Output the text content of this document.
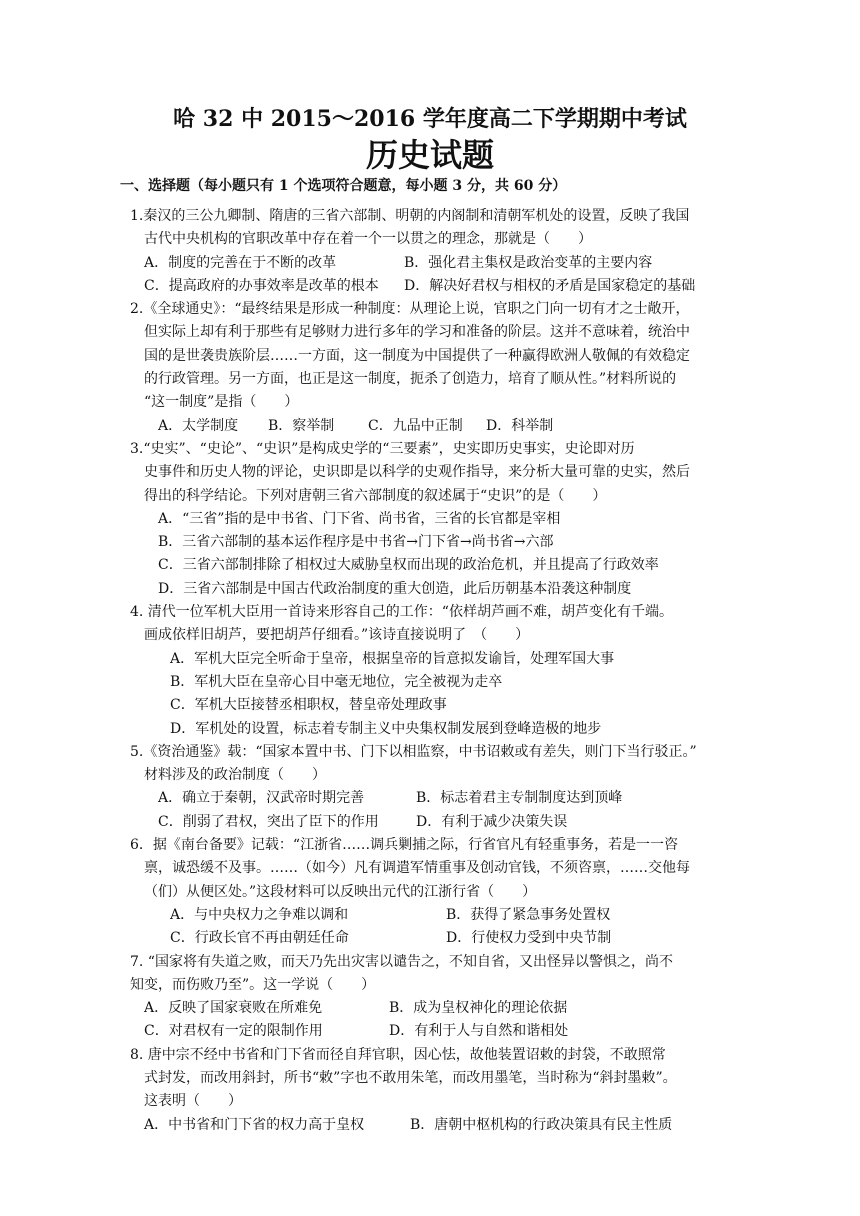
哈 32 中 2015～2016 学年度高二下学期期中考试
历史试题
一、选择题（每小题只有 1 个选项符合题意，每小题 3 分，共 60 分）
1.秦汉的三公九卿制、隋唐的三省六部制、明朝的内阁制和清朝军机处的设置，反映了我国
古代中央机构的官职改革中存在着一个一以贯之的理念，那就是（　　）
A．制度的完善在于不断的改革	B．强化君主集权是政治变革的主要内容
C．提高政府的办事效率是改革的根本	D．解决好君权与相权的矛盾是国家稳定的基础
2.《全球通史》：“最终结果是形成一种制度：从理论上说，官职之门向一切有才之士敞开，
但实际上却有利于那些有足够财力进行多年的学习和准备的阶层。这并不意味着，统治中
国的是世袭贵族阶层……一方面，这一制度为中国提供了一种赢得欧洲人敬佩的有效稳定
的行政管理。另一方面，也正是这一制度，扼杀了创造力，培育了顺从性。”材料所说的
“这一制度”是指（　　）
A．太学制度	B．察举制	C．九品中正制	D．科举制
3.“史实”、“史论”、“史识”是构成史学的“三要素”，史实即历史事实，史论即对历
史事件和历史人物的评论，史识即是以科学的史观作指导，来分析大量可靠的史实，然后
得出的科学结论。下列对唐朝三省六部制度的叙述属于“史识”的是（　　）
A．“三省”指的是中书省、门下省、尚书省，三省的长官都是宰相
B．三省六部制的基本运作程序是中书省→门下省→尚书省→六部
C．三省六部制排除了相权过大威胁皇权而出现的政治危机，并且提高了行政效率
D．三省六部制是中国古代政治制度的重大创造，此后历朝基本沿袭这种制度
4. 清代一位军机大臣用一首诗来形容自己的工作：“依样胡芦画不难，胡芦变化有千端。
画成依样旧胡芦，要把胡芦仔细看。”该诗直接说明了　（　　）
A．军机大臣完全听命于皇帝，根据皇帝的旨意拟发谕旨，处理军国大事
B．军机大臣在皇帝心目中毫无地位，完全被视为走卒
C．军机大臣接替丞相职权，替皇帝处理政事
D．军机处的设置，标志着专制主义中央集权制发展到登峰造极的地步
5.《资治通鉴》载：“国家本置中书、门下以相监察，中书诏敕或有差失，则门下当行驳正。”
材料涉及的政治制度（　　）
A．确立于秦朝，汉武帝时期完善	B．标志着君主专制制度达到顶峰
C．削弱了君权，突出了臣下的作用	D．有利于减少决策失误
6．据《南台备要》记载：“江浙省……调兵剿捕之际，行省官凡有轻重事务，若是一一咨
禀，诚恐缓不及事。……（如今）凡有调遣军情重事及创动官钱，不须咨禀，……交他每
（们）从便区处。”这段材料可以反映出元代的江浙行省（　　）
A．与中央权力之争难以调和	B．获得了紧急事务处置权
C．行政长官不再由朝廷任命	D．行使权力受到中央节制
7. “国家将有失道之败，而天乃先出灾害以谴告之，不知自省，又出怪异以警惧之，尚不
知变，而伤败乃至”。这一学说（　　）
A．反映了国家衰败在所难免	B．成为皇权神化的理论依据
C．对君权有一定的限制作用	D．有利于人与自然和谐相处
8. 唐中宗不经中书省和门下省而径自拜官职，因心怯，故他装置诏敕的封袋，不敢照常
式封发，而改用斜封，所书“敕”字也不敢用朱笔，而改用墨笔，当时称为“斜封墨敕”。
这表明（　　）
A．中书省和门下省的权力高于皇权	B．唐朝中枢机构的行政决策具有民主性质
